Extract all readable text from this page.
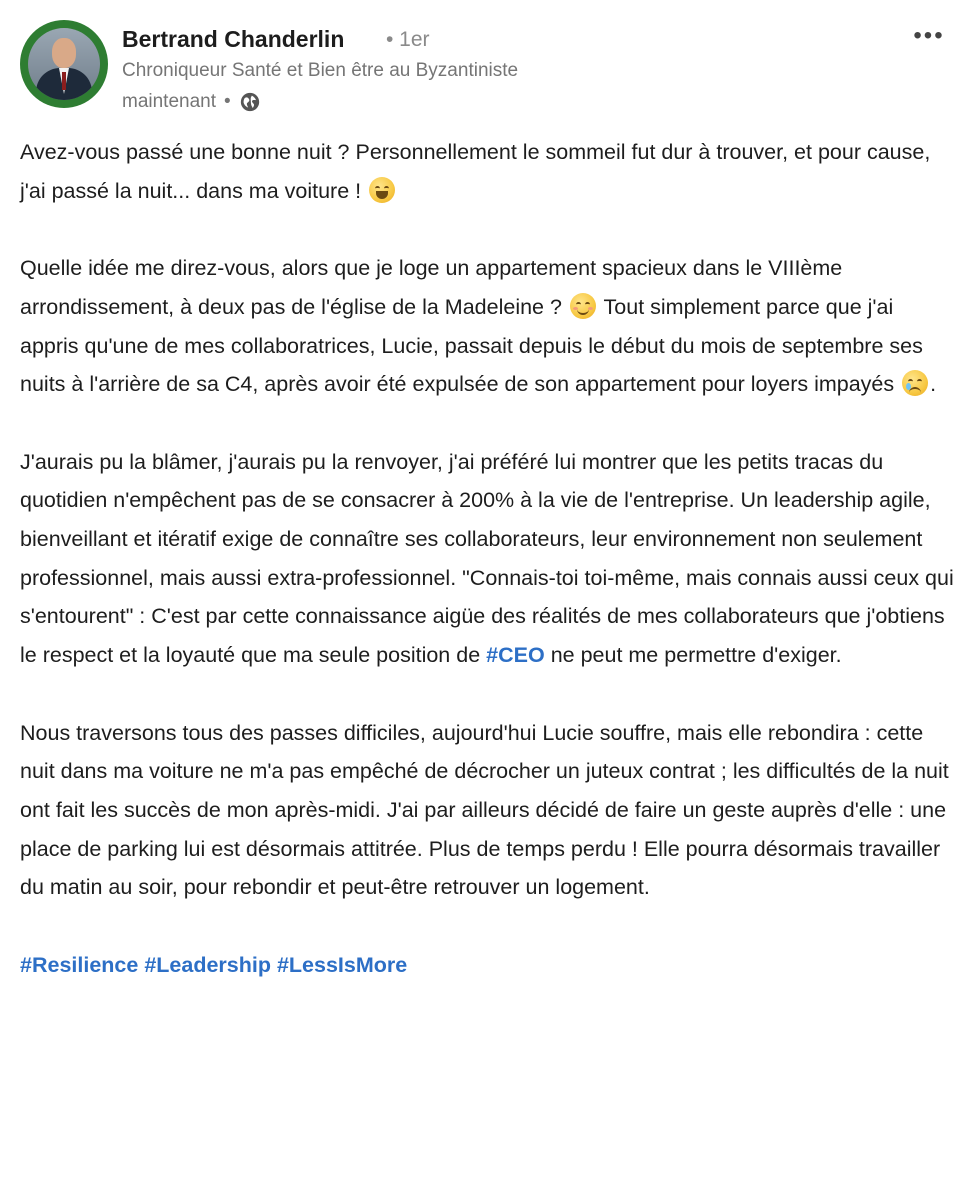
Bertrand Chanderlin • 1er
Chroniqueur Santé et Bien être au Byzantiniste
maintenant •
•••

Avez-vous passé une bonne nuit ? Personnellement le sommeil fut dur à trouver, et pour cause, j'ai passé la nuit... dans ma voiture !

Quelle idée me direz-vous, alors que je loge un appartement spacieux dans le VIIIème arrondissement, à deux pas de l'église de la Madeleine ? Tout simplement parce que j'ai appris qu'une de mes collaboratrices, Lucie, passait depuis le début du mois de septembre ses nuits à l'arrière de sa C4, après avoir été expulsée de son appartement pour loyers impayés .

J'aurais pu la blâmer, j'aurais pu la renvoyer, j'ai préféré lui montrer que les petits tracas du quotidien n'empêchent pas de se consacrer à 200% à la vie de l'entreprise. Un leadership agile, bienveillant et itératif exige de connaître ses collaborateurs, leur environnement non seulement professionnel, mais aussi extra-professionnel. "Connais-toi toi-même, mais connais aussi ceux qui s'entourent" : C'est par cette connaissance aigüe des réalités de mes collaborateurs que j'obtiens le respect et la loyauté que ma seule position de #CEO ne peut me permettre d'exiger.

Nous traversons tous des passes difficiles, aujourd'hui Lucie souffre, mais elle rebondira : cette nuit dans ma voiture ne m'a pas empêché de décrocher un juteux contrat ; les difficultés de la nuit ont fait les succès de mon après-midi. J'ai par ailleurs décidé de faire un geste auprès d'elle : une place de parking lui est désormais attitrée. Plus de temps perdu ! Elle pourra désormais travailler du matin au soir, pour rebondir et peut-être retrouver un logement.

#Resilience #Leadership #LessIsMore
